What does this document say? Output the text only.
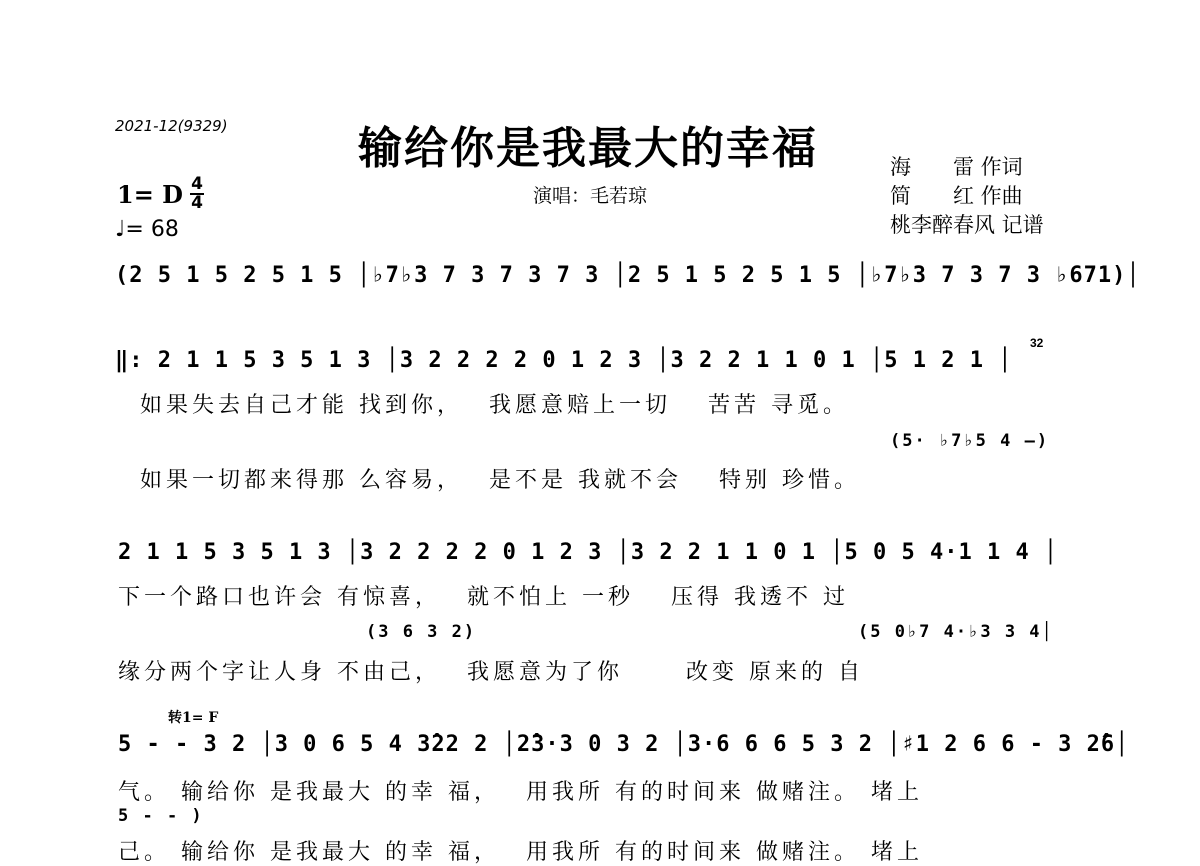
2021-12(9329)	输给你是我最大的幸福
1= D 4
4
♩= 68
演唱：毛若琼
海　　雷 作词
简　　红 作曲
桃李醉春风 记谱
(2 5 1 5 2 5 1 5 │♭7♭3 7 3 7 3 7 3 │2 5 1 5 2 5 1 5 │♭7♭3 7 3 7 3 ♭671)│
‖: 2 1 1 5 3 5 1 3 │3 2 2 2 2 0 1 2 3 │3 2 2 1 1 0 1 │5 1 2 1 │
32
如果失去自己才能 找到你，　 我愿意赔上一切　 苦苦 寻觅。
(5· ♭7♭5 4 –)
如果一切都来得那 么容易，　 是不是 我就不会　 特别 珍惜。
2 1 1 5 3 5 1 3 │3 2 2 2 2 0 1 2 3 │3 2 2 1 1 0 1 │5 0 5 4·1 1 4 │
下一个路口也许会 有惊喜，　 就不怕上 一秒　 压得 我透不 过
(3 6 3 2)	(5 0♭7 4·♭3 3 4│
缘分两个字让人身 不由己，　 我愿意为了你　　 改变 原来的 自
转1= F
5 - - 3 2 │3 0 6 5 4 3̂22 2 │2̂3·3 0 3 2 │3·6 6 6 5 3 2 │♯1 2 6 6 - 3 2̂6│
气。 输给你 是我最大 的幸 福，　 用我所 有的时间来 做赌注。 堵上
5 - - )
己。 输给你 是我最大 的幸 福，　 用我所 有的时间来 做赌注。 堵上
